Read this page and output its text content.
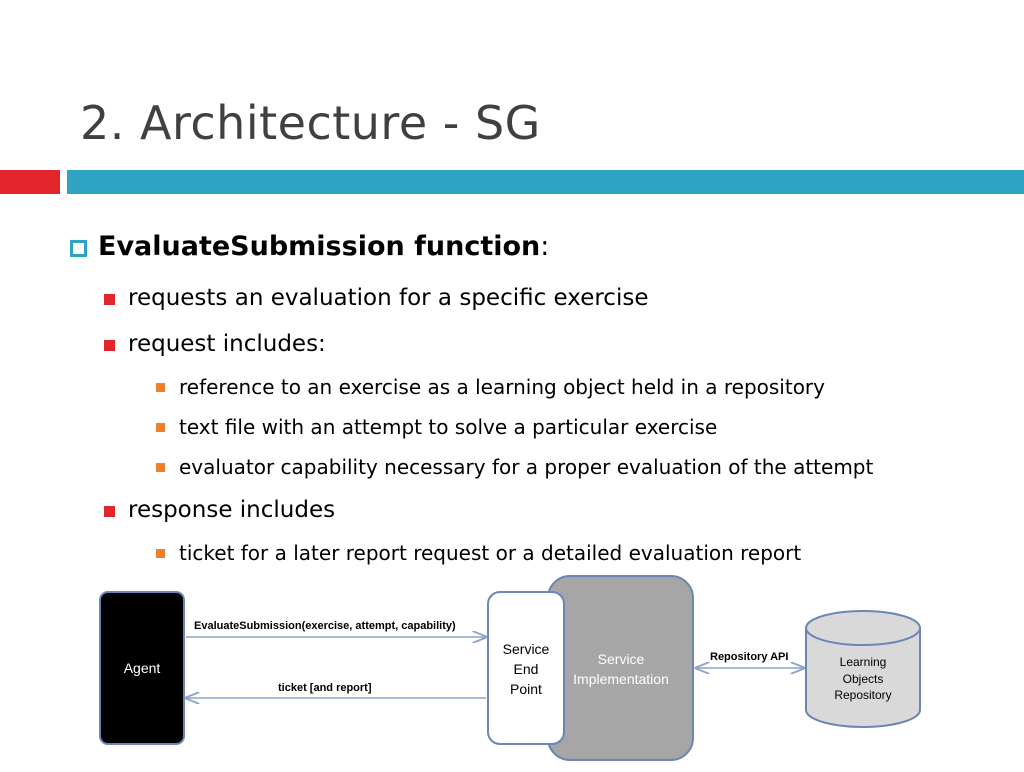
2. Architecture - SG
EvaluateSubmission function:
requests an evaluation for a specific exercise
request includes:
reference to an exercise as a learning object held in a repository
text file with an attempt to solve a particular exercise
evaluator capability necessary for a proper evaluation of the attempt
response includes
ticket for a later report request or a detailed evaluation report
Agent
Service
Implementation
Service
End
Point
EvaluateSubmission(exercise, attempt, capability)
ticket [and report]
Repository API	Learning
Objects
Repository
